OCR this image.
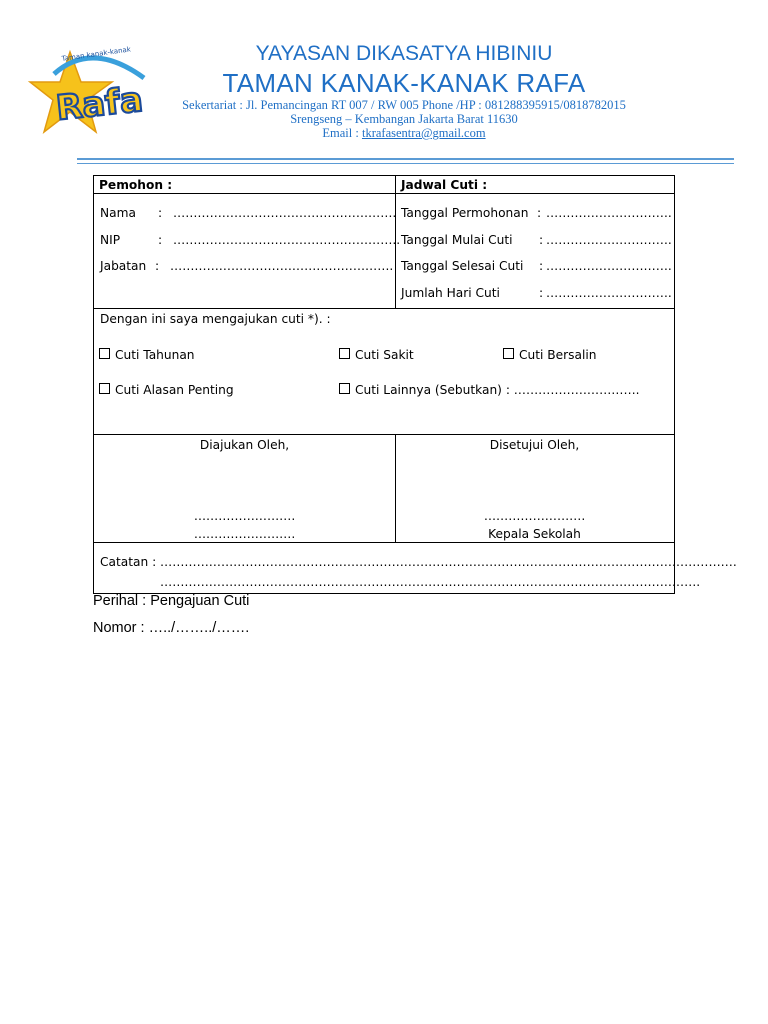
Taman kanak-kanak
Rafa
YAYASAN DIKASATYA HIBINIU
TAMAN KANAK-KANAK RAFA
Sekertariat : Jl. Pemancingan RT 007 / RW 005 Phone /HP : 081288395915/0818782015
Srengseng – Kembangan Jakarta Barat 11630
Email : tkrafasentra@gmail.com
Pemohon :	Jadwal Cuti :
Nama : ……………………………………………….
NIP	: ………………………………………………..
Jabatan : ……………………………………………….
Tanggal Permohonan : ………………………….
Tanggal Mulai Cuti : ………………………….
Tanggal Selesai Cuti : ………………………….
Jumlah Hari Cuti	: ………………………….
Dengan ini saya mengajukan cuti *). :
Cuti Tahunan	Cuti Sakit	Cuti Bersalin
Cuti Alasan Penting	Cuti Lainnya (Sebutkan) : ………………………….
Diajukan Oleh,
…………………….
…………………….
Disetujui Oleh,
…………………….
Kepala Sekolah
Catatan : …………………………………………………………………………………………………………………………….
…………………………………………………………………………………………………………………….
Perihal : Pengajuan Cuti
Nomor : …../……../…….
